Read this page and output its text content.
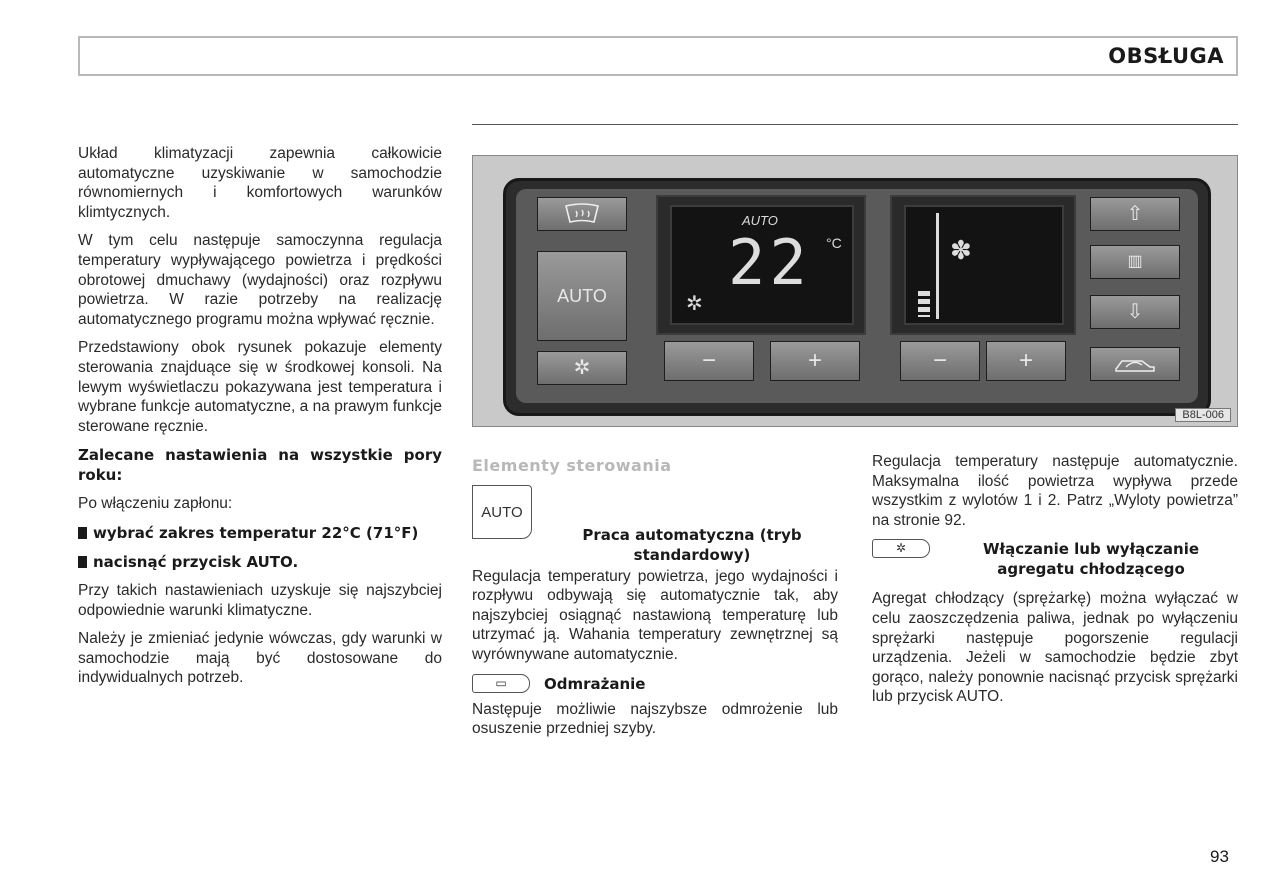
OBSŁUGA

Układ klimatyzacji zapewnia całkowicie automatyczne uzyskiwanie w samochodzie równomiernych i komfortowych warunków klimtycznych.

W tym celu następuje samoczynna regulacja temperatury wypływającego powietrza i prędkości obrotowej dmuchawy (wydajności) oraz rozpływu powietrza. W razie potrzeby na realizację automatycznego programu można wpływać ręcznie.

Przedstawiony obok rysunek pokazuje elementy sterowania znajduące się w środkowej konsoli. Na lewym wyświetlaczu pokazywana jest temperatura i wybrane funkcje automatyczne, a na prawym funkcje sterowane ręcznie.

Zalecane nastawienia na wszystkie pory roku:

Po włączeniu zapłonu:

wybrać zakres temperatur 22°C (71°F)

nacisnąć przycisk AUTO.

Przy takich nastawieniach uzyskuje się najszybciej odpowiednie warunki klimatyczne.

Należy je zmieniać jedynie wówczas, gdy warunki w samochodzie mają być dostosowane do indywidualnych potrzeb.

AUTO
✲
AUTO
22 °C
✲
−	+
✽
−	+
⇧
▥
⇩
B8L-006

Elementy sterowania

AUTO
Praca automatyczna (tryb standardowy)

Regulacja temperatury powietrza, jego wydajności i rozpływu odbywają się automatycznie tak, aby najszybciej osiągnąć nastawioną temperaturę lub utrzymać ją. Wahania temperatury zewnętrznej są wyrównywane automatycznie.

▭	Odmrażanie

Następuje możliwie najszybsze odmrożenie lub osuszenie przedniej szyby.

Regulacja temperatury następuje automatycznie. Maksymalna ilość powietrza wypływa przede wszystkim z wylotów 1 i 2. Patrz „Wyloty powietrza” na stronie 92.

✲	Włączanie lub wyłączanie agregatu chłodzącego

Agregat chłodzący (sprężarkę) można wyłączać w celu zaoszczędzenia paliwa, jednak po wyłączeniu sprężarki następuje pogorszenie regulacji urządzenia. Jeżeli w samochodzie będzie zbyt gorąco, należy ponownie nacisnąć przycisk sprężarki lub przycisk AUTO.

93
